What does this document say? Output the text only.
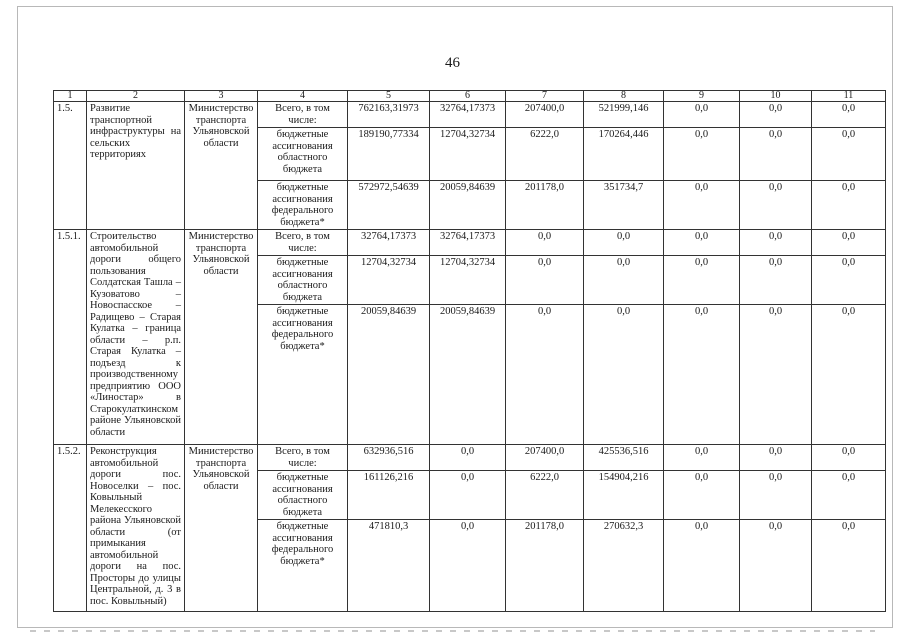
46
1	2	3	4	5	6	7	8	9	10	11
1.5.	Развитие транспортной инфраструктуры на сельских территориях	Министерство транспорта Ульяновской области	Всего, в том числе:	762163,31973	32764,17373	207400,0	521999,146	0,0	0,0	0,0
			бюджетные ассигнования областного бюджета	189190,77334	12704,32734	6222,0	170264,446	0,0	0,0	0,0
			бюджетные ассигнования федерального бюджета*	572972,54639	20059,84639	201178,0	351734,7	0,0	0,0	0,0
1.5.1.	Строительство автомобильной дороги общего пользования Солдатская Ташла – Кузоватово – Новоспасское – Радищево – Старая Кулатка – граница области – р.п. Старая Кулатка – подъезд к производственному предприятию ООО «Линостар» в Старокулаткинском районе Ульяновской области	Министерство транспорта Ульяновской области	Всего, в том числе:	32764,17373	32764,17373	0,0	0,0	0,0	0,0	0,0
			бюджетные ассигнования областного бюджета	12704,32734	12704,32734	0,0	0,0	0,0	0,0	0,0
			бюджетные ассигнования федерального бюджета*	20059,84639	20059,84639	0,0	0,0	0,0	0,0	0,0
1.5.2.	Реконструкция автомобильной дороги пос. Новоселки – пос. Ковыльный Мелекесского района Ульяновской области (от примыкания автомобильной дороги на пос. Просторы до улицы Центральной, д. 3 в пос. Ковыльный)	Министерство транспорта Ульяновской области	Всего, в том числе:	632936,516	0,0	207400,0	425536,516	0,0	0,0	0,0
			бюджетные ассигнования областного бюджета	161126,216	0,0	6222,0	154904,216	0,0	0,0	0,0
			бюджетные ассигнования федерального бюджета*	471810,3	0,0	201178,0	270632,3	0,0	0,0	0,0
